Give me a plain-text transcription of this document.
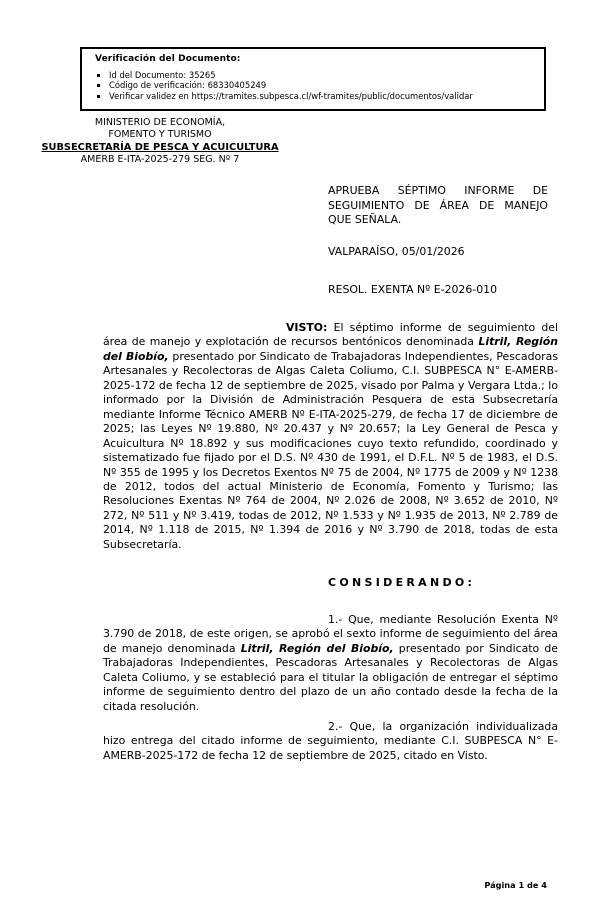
Verificación del Documento:
▪ Id del Documento: 35265
▪ Código de verificación: 68330405249
▪ Verificar validez en https://tramites.subpesca.cl/wf-tramites/public/documentos/validar
MINISTERIO DE ECONOMÍA,
FOMENTO Y TURISMO
SUBSECRETARÍA DE PESCA Y ACUICULTURA
AMERB E-ITA-2025-279 SEG. Nº 7
APRUEBA SÉPTIMO INFORME DE SEGUIMIENTO DE ÁREA DE MANEJO QUE SEÑALA.
VALPARAÍSO, 05/01/2026
RESOL. EXENTA Nº E-2026-010

VISTO: El séptimo informe de seguimiento del área de manejo y explotación de recursos bentónicos denominada Litril, Región del Biobío, presentado por Sindicato de Trabajadoras Independientes, Pescadoras Artesanales y Recolectoras de Algas Caleta Coliumo, C.I. SUBPESCA N° E-AMERB-2025-172 de fecha 12 de septiembre de 2025, visado por Palma y Vergara Ltda.; lo informado por la División de Administración Pesquera de esta Subsecretaría mediante Informe Técnico AMERB Nº E-ITA-2025-279, de fecha 17 de diciembre de 2025; las Leyes Nº 19.880, Nº 20.437 y Nº 20.657; la Ley General de Pesca y Acuicultura Nº 18.892 y sus modificaciones cuyo texto refundido, coordinado y sistematizado fue fijado por el D.S. Nº 430 de 1991, el D.F.L. Nº 5 de 1983, el D.S. Nº 355 de 1995 y los Decretos Exentos Nº 75 de 2004, Nº 1775 de 2009 y Nº 1238 de 2012, todos del actual Ministerio de Economía, Fomento y Turismo; las Resoluciones Exentas Nº 764 de 2004, Nº 2.026 de 2008, Nº 3.652 de 2010, Nº 272, Nº 511 y Nº 3.419, todas de 2012, Nº 1.533 y Nº 1.935 de 2013, Nº 2.789 de 2014, Nº 1.118 de 2015, Nº 1.394 de 2016 y Nº 3.790 de 2018, todas de esta Subsecretaría.

CONSIDERANDO:

1.- Que, mediante Resolución Exenta Nº 3.790 de 2018, de este origen, se aprobó el sexto informe de seguimiento del área de manejo denominada Litril, Región del Biobío, presentado por Sindicato de Trabajadoras Independientes, Pescadoras Artesanales y Recolectoras de Algas Caleta Coliumo, y se estableció para el titular la obligación de entregar el séptimo informe de seguimiento dentro del plazo de un año contado desde la fecha de la citada resolución.

2.- Que, la organización individualizada hizo entrega del citado informe de seguimiento, mediante C.I. SUBPESCA N° E-AMERB-2025-172 de fecha 12 de septiembre de 2025, citado en Visto.

Página 1 de 4
